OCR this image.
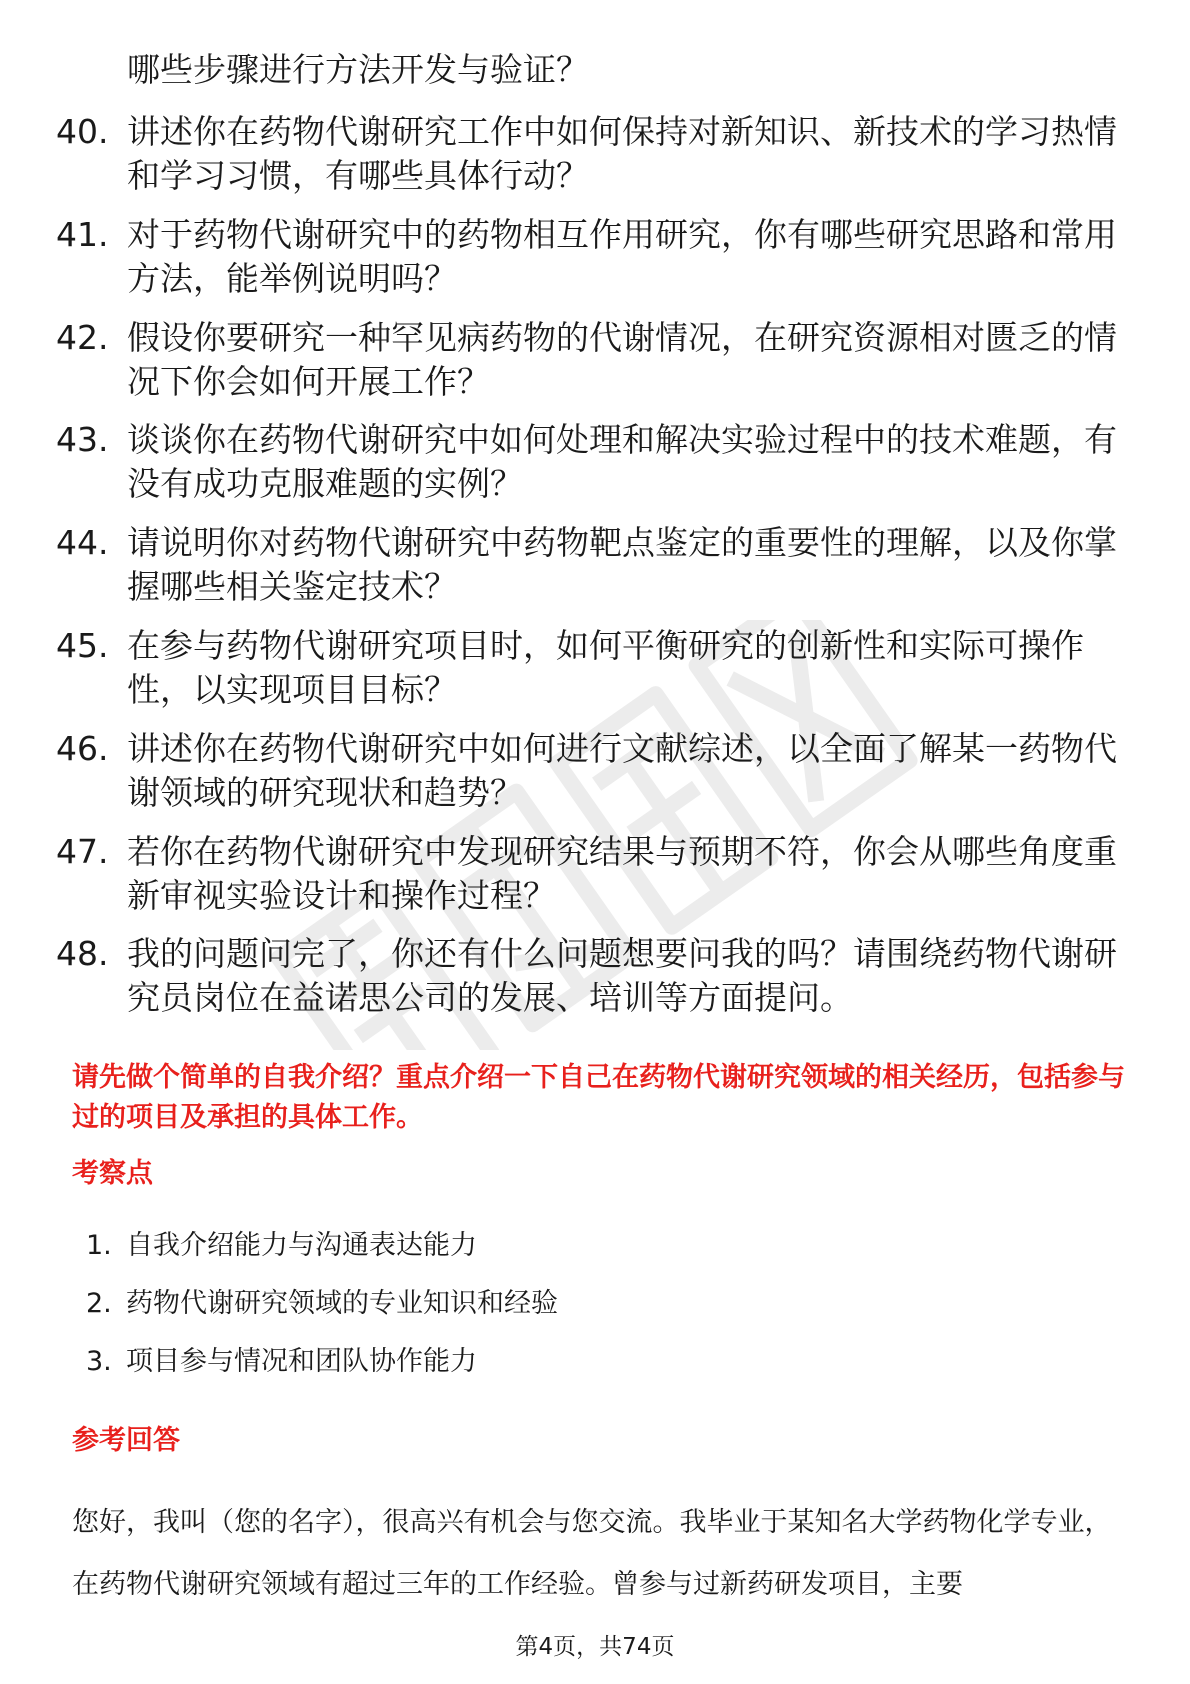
哪些步骤进行方法开发与验证？

40. 讲述你在药物代谢研究工作中如何保持对新知识、新技术的学习热情和学习习惯，有哪些具体行动？
41. 对于药物代谢研究中的药物相互作用研究，你有哪些研究思路和常用方法，能举例说明吗？
42. 假设你要研究一种罕见病药物的代谢情况，在研究资源相对匮乏的情况下你会如何开展工作？
43. 谈谈你在药物代谢研究中如何处理和解决实验过程中的技术难题，有没有成功克服难题的实例？
44. 请说明你对药物代谢研究中药物靶点鉴定的重要性的理解，以及你掌握哪些相关鉴定技术？
45. 在参与药物代谢研究项目时，如何平衡研究的创新性和实际可操作性，以实现项目目标？
46. 讲述你在药物代谢研究中如何进行文献综述，以全面了解某一药物代谢领域的研究现状和趋势？
47. 若你在药物代谢研究中发现研究结果与预期不符，你会从哪些角度重新审视实验设计和操作过程？
48. 我的问题问完了，你还有什么问题想要问我的吗？请围绕药物代谢研究员岗位在益诺思公司的发展、培训等方面提问。

请先做个简单的自我介绍？重点介绍一下自己在药物代谢研究领域的相关经历，包括参与过的项目及承担的具体工作。

考察点

1. 自我介绍能力与沟通表达能力
2. 药物代谢研究领域的专业知识和经验
3. 项目参与情况和团队协作能力

参考回答

您好，我叫（您的名字），很高兴有机会与您交流。我毕业于某知名大学药物化学专业，在药物代谢研究领域有超过三年的工作经验。曾参与过新药研发项目，主要

第4页，共74页
